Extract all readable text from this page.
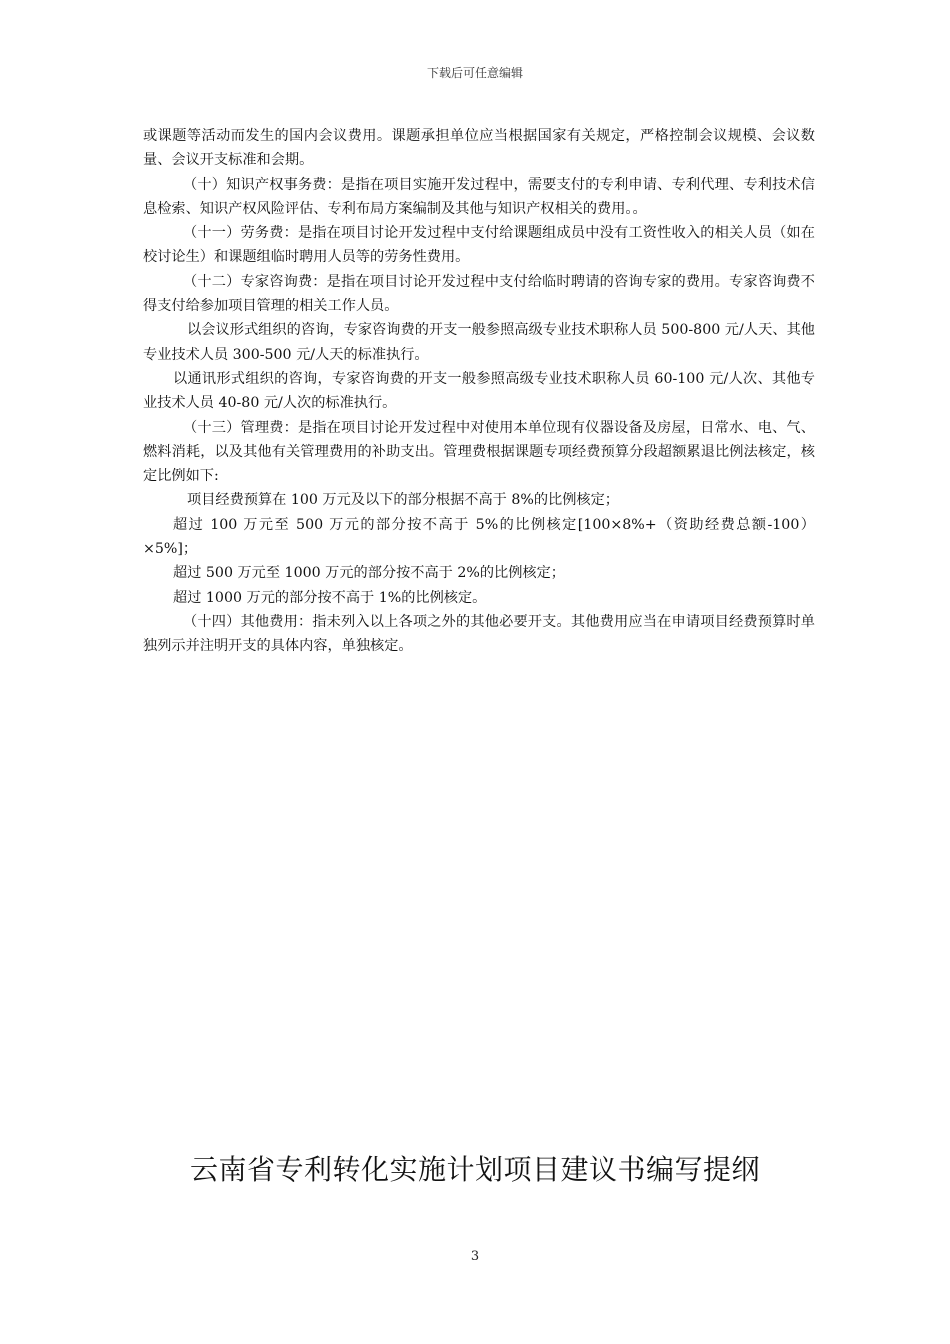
下载后可任意编辑

或课题等活动而发生的国内会议费用。课题承担单位应当根据国家有关规定，严格控制会议规模、会议数量、会议开支标准和会期。

（十）知识产权事务费：是指在项目实施开发过程中，需要支付的专利申请、专利代理、专利技术信息检索、知识产权风险评估、专利布局方案编制及其他与知识产权相关的费用。。

（十一）劳务费：是指在项目讨论开发过程中支付给课题组成员中没有工资性收入的相关人员（如在校讨论生）和课题组临时聘用人员等的劳务性费用。

（十二）专家咨询费：是指在项目讨论开发过程中支付给临时聘请的咨询专家的费用。专家咨询费不得支付给参加项目管理的相关工作人员。

以会议形式组织的咨询，专家咨询费的开支一般参照高级专业技术职称人员 500-800 元/人天、其他专业技术人员 300-500 元/人天的标准执行。

以通讯形式组织的咨询，专家咨询费的开支一般参照高级专业技术职称人员 60-100 元/人次、其他专业技术人员 40-80 元/人次的标准执行。

（十三）管理费：是指在项目讨论开发过程中对使用本单位现有仪器设备及房屋，日常水、电、气、燃料消耗，以及其他有关管理费用的补助支出。管理费根据课题专项经费预算分段超额累退比例法核定，核定比例如下:

项目经费预算在 100 万元及以下的部分根据不高于 8%的比例核定；

超过 100 万元至 500 万元的部分按不高于 5%的比例核定[100×8%+（资助经费总额-100）×5%]；

超过 500 万元至 1000 万元的部分按不高于 2%的比例核定；

超过 1000 万元的部分按不高于 1%的比例核定。

（十四）其他费用：指未列入以上各项之外的其他必要开支。其他费用应当在申请项目经费预算时单独列示并注明开支的具体内容，单独核定。

云南省专利转化实施计划项目建议书编写提纲
3
